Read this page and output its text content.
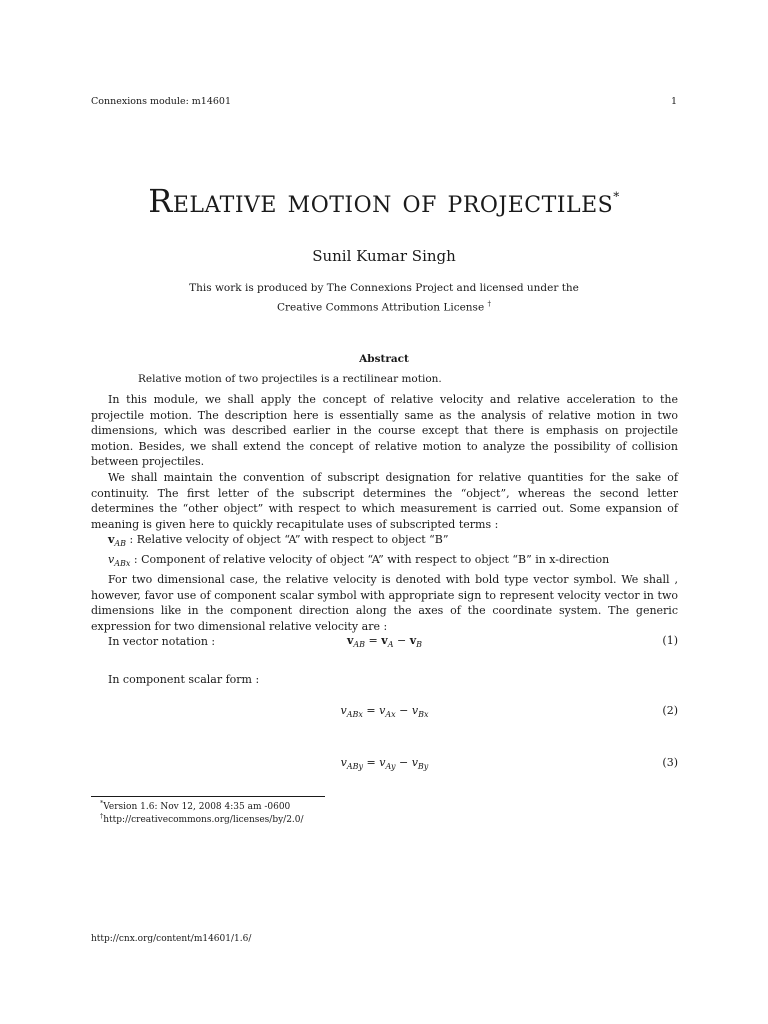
Connexions module: m14601	1
Relative motion of projectiles*
Sunil Kumar Singh
This work is produced by The Connexions Project and licensed under the
Creative Commons Attribution License †
Abstract
Relative motion of two projectiles is a rectilinear motion.

In this module, we shall apply the concept of relative velocity and relative acceleration to the projectile motion. The description here is essentially same as the analysis of relative motion in two dimensions, which was described earlier in the course except that there is emphasis on projectile motion. Besides, we shall extend the concept of relative motion to analyze the possibility of collision between projectiles.

We shall maintain the convention of subscript designation for relative quantities for the sake of continuity. The first letter of the subscript determines the “object”, whereas the second letter determines the “other object” with respect to which measurement is carried out. Some expansion of meaning is given here to quickly recapitulate uses of subscripted terms :

$v_{AB}$ : Relative velocity of object “A” with respect to object “B”

$v_{ABx}$ : Component of relative velocity of object “A” with respect to object “B” in x-direction

For two dimensional case, the relative velocity is denoted with bold type vector symbol. We shall , however, favor use of component scalar symbol with appropriate sign to represent velocity vector in two dimensions like in the component direction along the axes of the coordinate system. The generic expression for two dimensional relative velocity are :

In vector notation :	$v_{AB} = v_A - v_B$	(1)

In component scalar form :

$v_{ABx} = v_{Ax} - v_{Bx}$	(2)
$v_{ABy} = v_{Ay} - v_{By}$	(3)
*Version 1.6: Nov 12, 2008 4:35 am -0600
†http://creativecommons.org/licenses/by/2.0/
http://cnx.org/content/m14601/1.6/
